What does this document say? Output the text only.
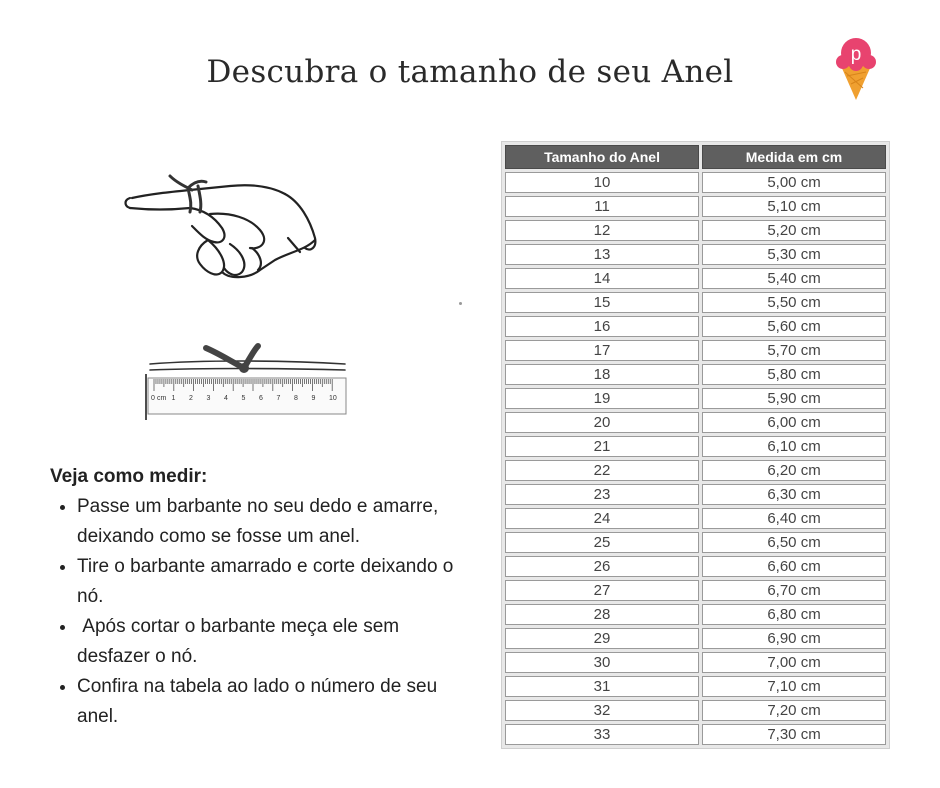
Descubra o tamanho de seu Anel	p
0 cm 1 2 3 4 5 6 7 8 9 10
Veja como medir:
• Passe um barbante no seu dedo e amarre, deixando como se fosse um anel.
• Tire o barbante amarrado e corte deixando o nó.
•  Após cortar o barbante meça ele sem desfazer o nó.
• Confira na tabela ao lado o número de seu anel.
Tamanho do Anel	Medida em cm
10	5,00 cm
11	5,10 cm
12	5,20 cm
13	5,30 cm
14	5,40 cm
15	5,50 cm
16	5,60 cm
17	5,70 cm
18	5,80 cm
19	5,90 cm
20	6,00 cm
21	6,10 cm
22	6,20 cm
23	6,30 cm
24	6,40 cm
25	6,50 cm
26	6,60 cm
27	6,70 cm
28	6,80 cm
29	6,90 cm
30	7,00 cm
31	7,10 cm
32	7,20 cm
33	7,30 cm
